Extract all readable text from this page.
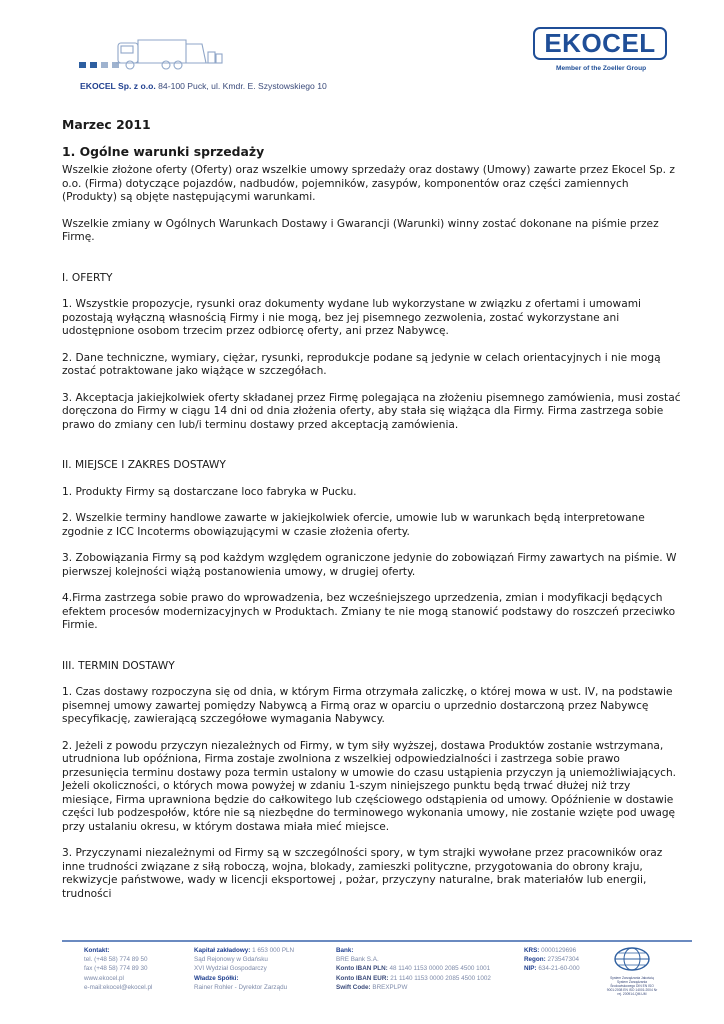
EKOCEL Sp. z o.o. 84-100 Puck, ul. Kmdr. E. Szystowskiego 10
EKOCEL
Member of the Zoeller Group
Marzec 2011
1. Ogólne warunki sprzedaży
Wszelkie złożone oferty (Oferty) oraz wszelkie umowy sprzedaży oraz dostawy (Umowy) zawarte przez Ekocel Sp. z o.o. (Firma) dotyczące pojazdów, nadbudów, pojemników, zasypów, komponentów oraz części zamiennych (Produkty) są objęte następującymi warunkami.
Wszelkie zmiany w Ogólnych Warunkach Dostawy i Gwarancji (Warunki) winny zostać dokonane na piśmie przez Firmę.
I. OFERTY
1. Wszystkie propozycje, rysunki oraz dokumenty wydane lub wykorzystane w związku z ofertami i umowami pozostają wyłączną własnością Firmy i nie mogą, bez jej pisemnego zezwolenia, zostać wykorzystane ani udostępnione osobom trzecim przez odbiorcę oferty, ani przez Nabywcę.
2. Dane techniczne, wymiary, ciężar, rysunki, reprodukcje podane są jedynie w celach orientacyjnych i nie mogą zostać potraktowane jako wiążące w szczegółach.
3. Akceptacja jakiejkolwiek oferty składanej przez Firmę polegająca na złożeniu pisemnego zamówienia, musi zostać doręczona do Firmy w ciągu 14 dni od dnia złożenia oferty, aby stała się wiążąca dla Firmy. Firma zastrzega sobie prawo do zmiany cen lub/i terminu dostawy przed akceptacją zamówienia.
II. MIEJSCE I ZAKRES DOSTAWY
1. Produkty Firmy są dostarczane loco fabryka w Pucku.
2. Wszelkie terminy handlowe zawarte w jakiejkolwiek ofercie, umowie lub w warunkach będą interpretowane zgodnie z ICC Incoterms obowiązującymi w czasie złożenia oferty.
3. Zobowiązania Firmy są pod każdym względem ograniczone jedynie do zobowiązań Firmy zawartych na piśmie. W pierwszej kolejności wiążą postanowienia umowy, w drugiej oferty.
4.Firma zastrzega sobie prawo do wprowadzenia, bez wcześniejszego uprzedzenia, zmian i modyfikacji będących efektem procesów modernizacyjnych w Produktach. Zmiany te nie mogą stanowić podstawy do roszczeń przeciwko Firmie.
III. TERMIN DOSTAWY
1. Czas dostawy rozpoczyna się od dnia, w którym Firma otrzymała zaliczkę, o której mowa w ust. IV, na podstawie pisemnej umowy zawartej pomiędzy Nabywcą a Firmą oraz w oparciu o uprzednio dostarczoną przez Nabywcę specyfikację, zawierającą szczegółowe wymagania Nabywcy.
2. Jeżeli z powodu przyczyn niezależnych od Firmy, w tym siły wyższej, dostawa Produktów zostanie wstrzymana, utrudniona lub opóźniona, Firma zostaje zwolniona z wszelkiej odpowiedzialności i zastrzega sobie prawo przesunięcia terminu dostawy poza termin ustalony w umowie do czasu ustąpienia przyczyn ją uniemożliwiających. Jeżeli okoliczności, o których mowa powyżej w zdaniu 1-szym niniejszego punktu będą trwać dłużej niż trzy miesiące, Firma uprawniona będzie do całkowitego lub częściowego odstąpienia od umowy. Opóźnienie w dostawie części lub podzespołów, które nie są niezbędne do terminowego wykonania umowy, nie zostanie wzięte pod uwagę przy ustalaniu okresu, w którym dostawa miała mieć miejsce.
3. Przyczynami niezależnymi od Firmy są w szczególności spory, w tym strajki wywołane przez pracowników oraz inne trudności związane z siłą roboczą, wojna, blokady, zamieszki polityczne, przygotowania do obrony kraju, rekwizycje państwowe, wady w licencji eksportowej , pożar, przyczyny naturalne, brak materiałów lub energii, trudności
Kontakt:
tel. (+48 58) 774 89 50
fax (+48 58) 774 89 30
www.ekocel.pl
e-mail:ekocel@ekocel.pl
Kapitał zakładowy: 1 653 000 PLN
Sąd Rejonowy w Gdańsku
XVI Wydział Gospodarczy
Władze Spółki:
Rainer Rohler - Dyrektor Zarządu
Bank:
BRE Bank S.A.
Konto IBAN PLN: 48 1140 1153 0000 2085 4500 1001
Konto IBAN EUR: 21 1140 1153 0000 2085 4500 1002
Swift Code: BREXPLPW
KRS: 0000129696
Regon: 273547304
NIP: 634-21-60-000
System Zarządzania Jakością System Zarządzania Środowiskowego DIN EN ISO 9001:2008 EN ISO 14001:2004 Nr rej. 200914-QM-UM
